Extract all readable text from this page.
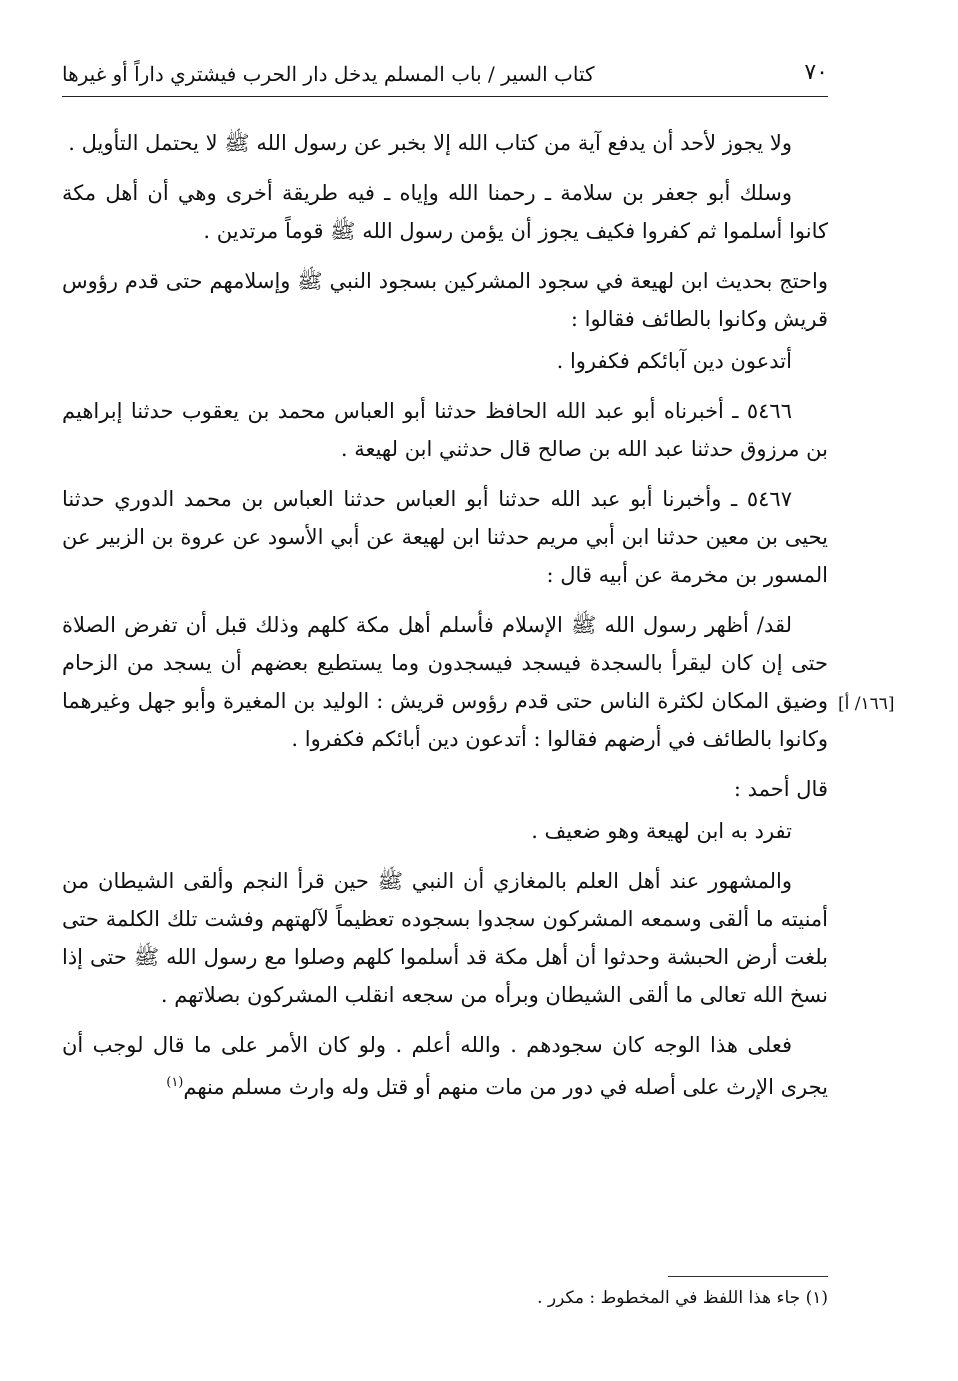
٧٠
كتاب السير / باب المسلم يدخل دار الحرب فيشتري داراً أو غيرها
[١٦٦/ أ]

ولا يجوز لأحد أن يدفع آية من كتاب الله إلا بخبر عن رسول الله ﷺ لا يحتمل التأويل .

وسلك أبو جعفر بن سلامة ـ رحمنا الله وإياه ـ فيه طريقة أخرى وهي أن أهل مكة كانوا أسلموا ثم كفروا فكيف يجوز أن يؤمن رسول الله ﷺ قوماً مرتدين .

واحتج بحديث ابن لهيعة في سجود المشركين بسجود النبي ﷺ وإسلامهم حتى قدم رؤوس قريش وكانوا بالطائف فقالوا :

أتدعون دين آبائكم فكفروا .

٥٤٦٦ ـ أخبرناه أبو عبد الله الحافظ حدثنا أبو العباس محمد بن يعقوب حدثنا إبراهيم بن مرزوق حدثنا عبد الله بن صالح قال حدثني ابن لهيعة .

٥٤٦٧ ـ وأخبرنا أبو عبد الله حدثنا أبو العباس حدثنا العباس بن محمد الدوري حدثنا يحيى بن معين حدثنا ابن أبي مريم حدثنا ابن لهيعة عن أبي الأسود عن عروة بن الزبير عن المسور بن مخرمة عن أبيه قال :

لقد/ أظهر رسول الله ﷺ الإسلام فأسلم أهل مكة كلهم وذلك قبل أن تفرض الصلاة حتى إن كان ليقرأ بالسجدة فيسجد فيسجدون وما يستطيع بعضهم أن يسجد من الزحام وضيق المكان لكثرة الناس حتى قدم رؤوس قريش : الوليد بن المغيرة وأبو جهل وغيرهما وكانوا بالطائف في أرضهم فقالوا : أتدعون دين أبائكم فكفروا .

قال أحمد :

تفرد به ابن لهيعة وهو ضعيف .

والمشهور عند أهل العلم بالمغازي أن النبي ﷺ حين قرأ النجم وألقى الشيطان من أمنيته ما ألقى وسمعه المشركون سجدوا بسجوده تعظيماً لآلهتهم وفشت تلك الكلمة حتى بلغت أرض الحبشة وحدثوا أن أهل مكة قد أسلموا كلهم وصلوا مع رسول الله ﷺ حتى إذا نسخ الله تعالى ما ألقى الشيطان وبرأه من سجعه انقلب المشركون بصلاتهم .

فعلى هذا الوجه كان سجودهم . والله أعلم . ولو كان الأمر على ما قال لوجب أن يجرى الإرث على أصله في دور من مات منهم أو قتل وله وارث مسلم منهم$^{(١)}$

(١) جاء هذا اللفظ في المخطوط : مكرر .
